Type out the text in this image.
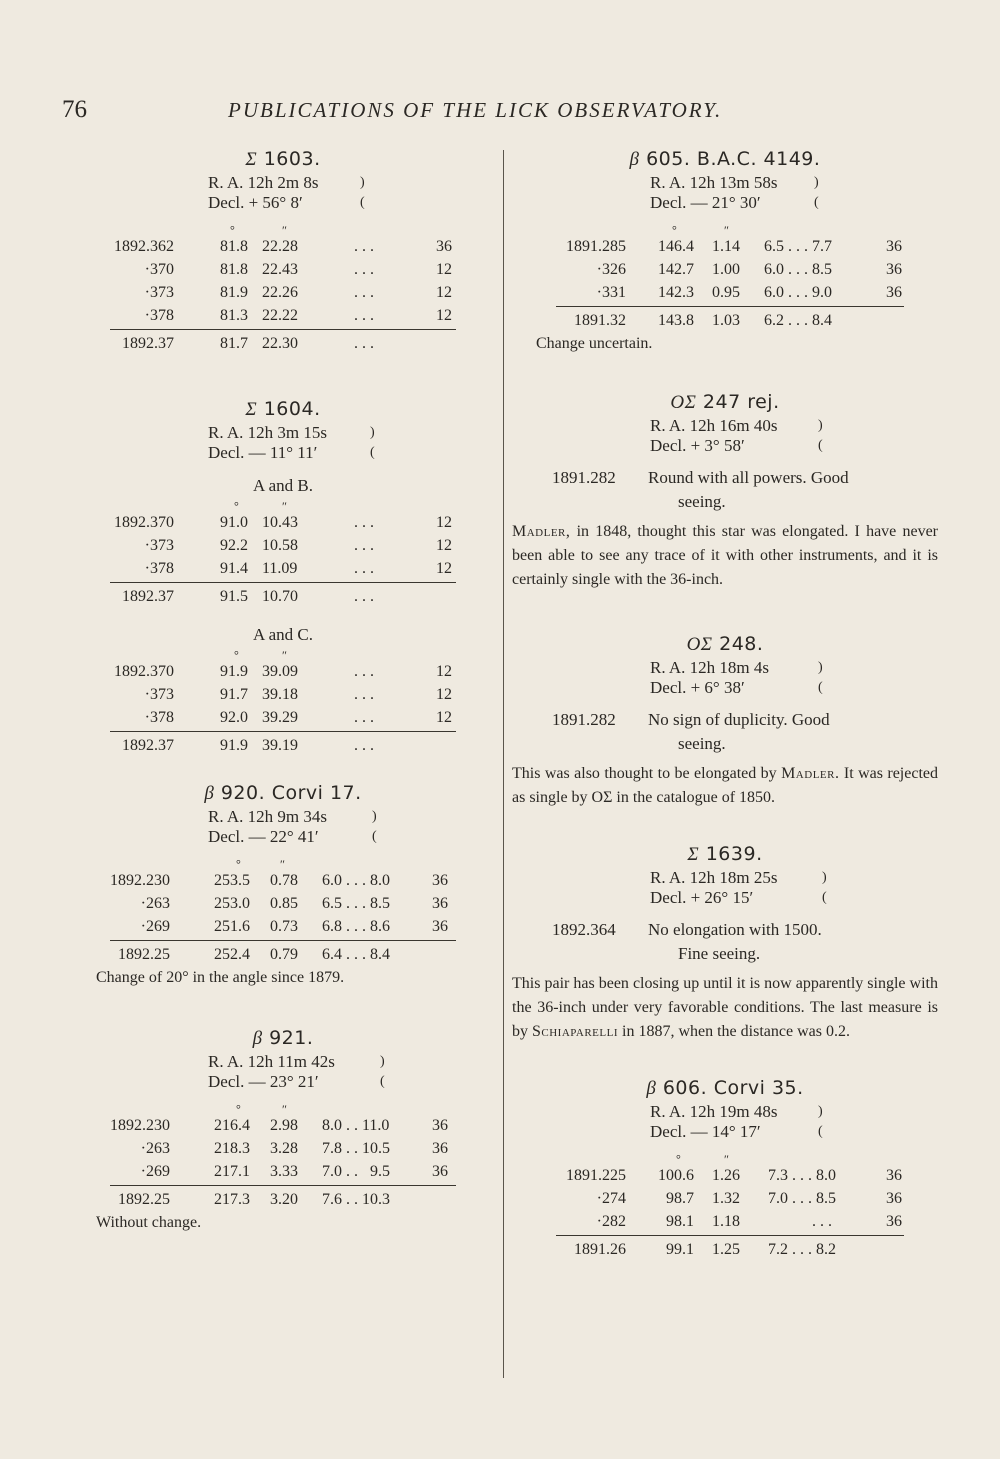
76	PUBLICATIONS OF THE LICK OBSERVATORY.
Σ 1603.
R. A. 12h 2m 8s
Decl. + 56° 8′
)
(
°	″
1892.362	81.8 22.28	. . .	36
·370	81.8 22.43	. . .	12
·373	81.9 22.26	. . .	12
·378	81.3 22.22	. . .	12
1892.37	81.7 22.30	. . .
Σ 1604.
R. A. 12h 3m 15s
Decl. — 11° 11′
)
(
A and B.
°	″
1892.370	91.0 10.43	. . .	12
·373	92.2 10.58	. . .	12
·378	91.4 11.09	. . .	12
1892.37	91.5 10.70	. . .
A and C.
°	″
1892.370	91.9 39.09	. . .	12
·373	91.7 39.18	. . .	12
·378	92.0 39.29	. . .	12
1892.37	91.9 39.19	. . .
β 920. Corvi 17.
R. A. 12h 9m 34s
Decl. — 22° 41′
)
(
°	″
1892.230	253.5 0.78 6.0 . . . 8.0	36
·263	253.0 0.85 6.5 . . . 8.5	36
·269	251.6 0.73 6.8 . . . 8.6	36
1892.25	252.4 0.79 6.4 . . . 8.4
Change of 20° in the angle since 1879.
β 921.
R. A. 12h 11m 42s
Decl. — 23° 21′
)
(
°	″
1892.230	216.4 2.98 8.0 . . 11.0	36
·263	218.3 3.28 7.8 . . 10.5	36
·269	217.1 3.33 7.0 . .   9.5	36
1892.25	217.3 3.20 7.6 . . 10.3
Without change.
β 605. B.A.C. 4149.
R. A. 12h 13m 58s
Decl. — 21° 30′
)
(
°	″
1891.285 146.4 1.14 6.5 . . . 7.7	36
·326 142.7 1.00 6.0 . . . 8.5	36
·331 142.3 0.95 6.0 . . . 9.0	36
1891.32 143.8 1.03 6.2 . . . 8.4
Change uncertain.
OΣ 247 rej.
R. A. 12h 16m 40s
Decl. + 3° 58′
)
(
1891.282 Round with all powers. Good
seeing.
Madler, in 1848, thought this star was elongated. I have never been able to see any trace of it with other instruments, and it is certainly single with the 36-inch.
OΣ 248.
R. A. 12h 18m 4s
Decl. + 6° 38′
)
(
1891.282 No sign of duplicity. Good
seeing.
This was also thought to be elongated by Madler. It was rejected as single by OΣ in the catalogue of 1850.
Σ 1639.
R. A. 12h 18m 25s
Decl. + 26° 15′
)
(
1892.364 No elongation with 1500.
Fine seeing.
This pair has been closing up until it is now apparently single with the 36-inch under very favorable conditions. The last measure is by Schiaparelli in 1887, when the distance was 0.2.
β 606. Corvi 35.
R. A. 12h 19m 48s
Decl. — 14° 17′
)
(
°	″
1891.225 100.6 1.26 7.3 . . . 8.0	36
·274	98.7 1.32 7.0 . . . 8.5	36
·282	98.1 1.18	. . .	36
1891.26	99.1 1.25 7.2 . . . 8.2
